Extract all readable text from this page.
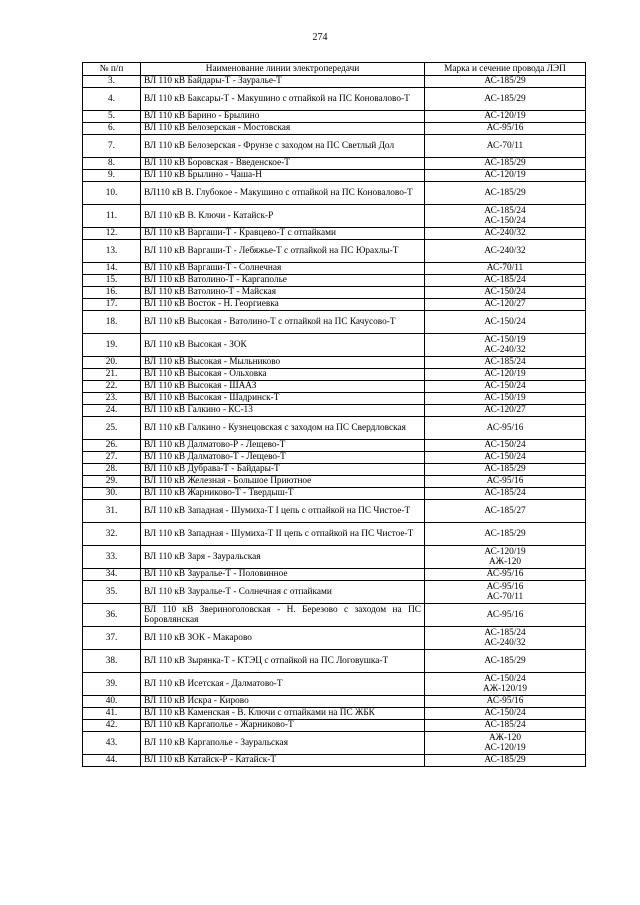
274
№ п/п	Наименование линии электропередачи	Марка и сечение провода ЛЭП
3.	ВЛ 110 кВ Байдары-Т - Зауралье-Т	АС-185/29

4.	ВЛ 110 кВ Баксары-Т - Макушино с отпайкой на ПС Коновалово-Т	АС-185/29

5.	ВЛ 110 кВ Барино - Брылино	АС-120/19

6.	ВЛ 110 кВ Белозерская - Мостовская	АС-95/16

7.	ВЛ 110 кВ Белозерская - Фрунзе с заходом на ПС Светлый Дол	АС-70/11

8.	ВЛ 110 кВ Боровская - Введенское-Т	АС-185/29

9.	ВЛ 110 кВ Брылино - Чаша-Н	АС-120/19

10.	ВЛ110 кВ В. Глубокое - Макушино с отпайкой на ПС Коновалово-Т	АС-185/29

11.	ВЛ 110 кВ В. Ключи - Катайск-Р	АС-185/24
АС-150/24

12.	ВЛ 110 кВ Варгаши-Т - Кравцево-Т с отпайками	АС-240/32

13.	ВЛ 110 кВ Варгаши-Т - Лебяжье-Т с отпайкой на ПС Юрахлы-Т	АС-240/32

14.	ВЛ 110 кВ Варгаши-Т - Солнечная	АС-70/11

15.	ВЛ 110 кВ Ватолино-Т - Каргаполье	АС-185/24

16.	ВЛ 110 кВ Ватолино-Т - Майская	АС-150/24

17.	ВЛ 110 кВ Восток - Н. Георгиевка	АС-120/27

18.	ВЛ 110 кВ Высокая - Ватолино-Т с отпайкой на ПС Качусово-Т	АС-150/24

19.	ВЛ 110 кВ Высокая - ЗОК	АС-150/19
АС-240/32

20.	ВЛ 110 кВ Высокая - Мыльниково	АС-185/24

21.	ВЛ 110 кВ Высокая - Ольховка	АС-120/19

22.	ВЛ 110 кВ Высокая - ШААЗ	АС-150/24

23.	ВЛ 110 кВ Высокая - Шадринск-Т	АС-150/19

24.	ВЛ 110 кВ Галкино - КС-13	АС-120/27

25.	ВЛ 110 кВ Галкино - Кузнецовская с заходом на ПС Свердловская	АС-95/16

26.	ВЛ 110 кВ Далматово-Р - Лещево-Т	АС-150/24

27.	ВЛ 110 кВ Далматово-Т - Лещево-Т	АС-150/24

28.	ВЛ 110 кВ Дубрава-Т - Байдары-Т	АС-185/29

29.	ВЛ 110 кВ Железная - Большое Приютное	АС-95/16

30.	ВЛ 110 кВ Жарниково-Т - Твердыш-Т	АС-185/24

31.	ВЛ 110 кВ Западная - Шумиха-Т I цепь с отпайкой на ПС Чистое-Т	АС-185/27

32.	ВЛ 110 кВ Западная - Шумиха-Т II цепь с отпайкой на ПС Чистое-Т	АС-185/29

33.	ВЛ 110 кВ Заря - Зауральская	АС-120/19
АЖ-120

34.	ВЛ 110 кВ Зауралье-Т - Половинное	АС-95/16

35.	ВЛ 110 кВ Зауралье-Т - Солнечная с отпайками	АС-95/16
АС-70/11

36.	ВЛ 110 кВ Звериноголовская - Н. Березово с заходом на ПС Боровлянская	АС-95/16

37.	ВЛ 110 кВ ЗОК - Макарово	АС-185/24
АС-240/32

38.	ВЛ 110 кВ Зырянка-Т - КТЭЦ с отпайкой на ПС Логовушка-Т	АС-185/29

39.	ВЛ 110 кВ Исетская - Далматово-Т	АС-150/24
АЖ-120/19

40.	ВЛ 110 кВ Искра - Кирово	АС-95/16

41.	ВЛ 110 кВ Каменская - В. Ключи с отпайками на ПС ЖБК	АС-150/24

42.	ВЛ 110 кВ Каргаполье - Жарниково-Т	АС-185/24

43.	ВЛ 110 кВ Каргаполье - Зауральская	АЖ-120
АС-120/19

44.	ВЛ 110 кВ Катайск-Р - Катайск-Т	АС-185/29
